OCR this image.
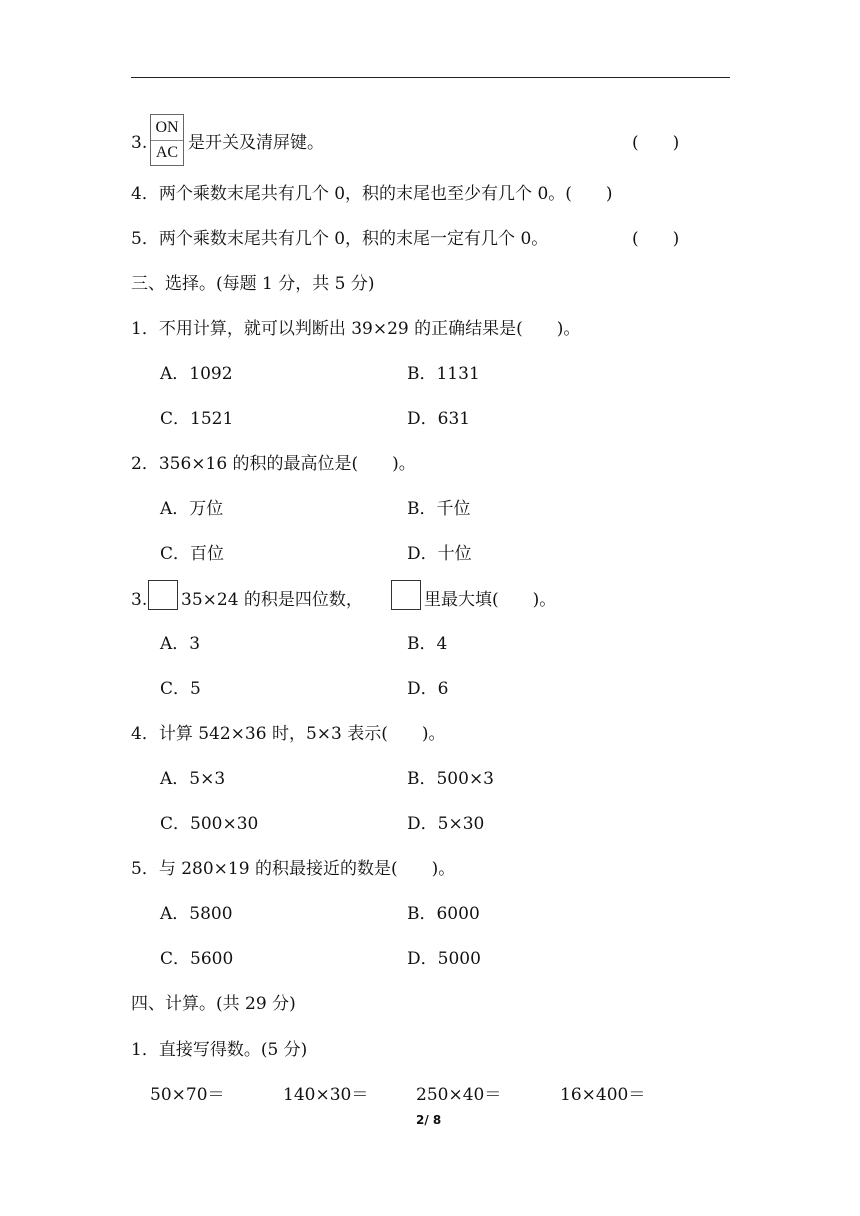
3.
ON
AC 是开关及清屏键。	(　　)
4．两个乘数末尾共有几个 0，积的末尾也至少有几个 0。(　　)
5．两个乘数末尾共有几个 0，积的末尾一定有几个 0。	(　　)
三、选择。(每题 1 分，共 5 分)
1．不用计算，就可以判断出 39×29 的正确结果是(　　)。
A．1092	B．1131
C．1521	D．631
2．356×16 的积的最高位是(　　)。
A．万位	B．千位
C．百位	D．十位
3. 35×24 的积是四位数，	里最大填(　　)。
A．3	B．4
C．5	D．6
4．计算 542×36 时，5×3 表示(　　)。
A．5×3	B．500×3
C．500×30	D．5×30
5．与 280×19 的积最接近的数是(　　)。
A．5800	B．6000
C．5600	D．5000
四、计算。(共 29 分)
1．直接写得数。(5 分)
50×70＝	140×30＝	250×40＝	16×400＝
2/ 8
